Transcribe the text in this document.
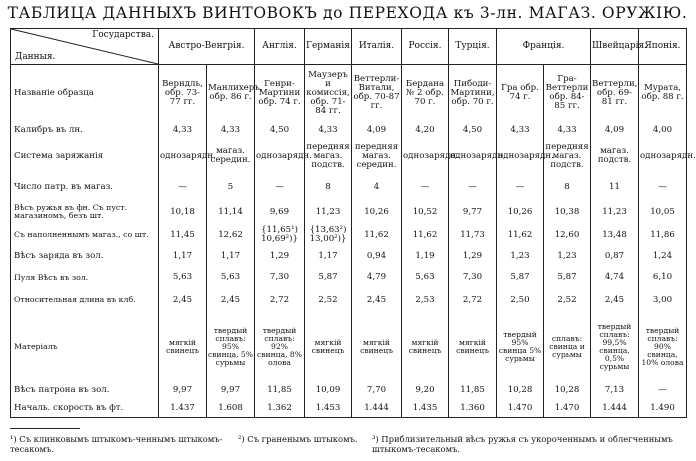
ТАБЛИЦА ДАННЫХЪ ВИНТОВОКЪ до ПЕРЕХОДА къ 3-лн. МАГАЗ. ОРУЖІЮ.
Государства.
Данныя.	Австро-Венгрія.		Англія.	Германія.	Италія.	Россія.	Турція.	Франція.		Швейцарія.	Японія.
Названіе образца	Верндль, обр. 73-77 гг.	Манлихеръ, обр. 86 г.	Генри-Мартини обр. 74 г.	Маузеръ и комиссія, обр. 71-84 гг.	Веттерли-Витали, обр. 70-87 гг.	Бердана № 2 обр. 70 г.	Пибоди-Мартини, обр. 70 г.	Гра обр. 74 г.	Гра-Веттерли обр. 84-85 гг.	Веттерли, обр. 69-81 гг.	Мурата, обр. 88 г.
Калибръ въ лн.	4,33	4,33	4,50	4,33	4,09	4,20	4,50	4,33	4,33	4,09	4,00
Система заряжанія	однозарядн.	магаз. середин.	однозарядн.	передняя магаз. подств.	передняя магаз. середин.	однозарядн.	однозарядн.	однозарядн.	передняя магаз. подств.	магаз. подств.	однозарядн.
Число патр. въ магаз.	—	5	—	8	4	—	—	—	8	11	—
Вѣсъ ружья въ фн. Съ пуст. магазиномъ, безъ шт.	10,18	11,14	9,69	11,23	10,26	10,52	9,77	10,26	10,38	11,23	10,05
Съ наполненнымъ магаз., со шт.	11,45	12,62	{11,65¹) 10,69²)}	{13,63²) 13,00²)}	11,62	11,62	11,73	11,62	12,60	13,48	11,86
Вѣсъ заряда въ зол.	1,17	1,17	1,29	1,17	0,94	1,19	1,29	1,23	1,23	0,87	1,24
Пуля Вѣсъ въ зол.	5,63	5,63	7,30	5,87	4,79	5,63	7,30	5,87	5,87	4,74	6,10
Относительная длина въ клб.	2,45	2,45	2,72	2,52	2,45	2,53	2,72	2,50	2,52	2,45	3,00
Матеріалъ	мягкій свинецъ	твердый сплавъ: 95% свинца, 5% сурьмы	твердый сплавъ: 92% свинца, 8% олова	мягкій свинецъ	мягкій свинецъ	мягкій свинецъ	мягкій свинецъ	твердый 95% свинца 5% сурьмы	сплавъ: свинца и сурьмы	твердый сплавъ: 99,5% свинца, 0,5% сурьмы	твердый сплавъ: 90% свинца, 10% олова
Вѣсъ патрона въ зол.	9,97	9,97	11,85	10,09	7,70	9,20	11,85	10,28	10,28	7,13	—
Началь. скорость въ фт.	1.437	1.608	1.362	1.453	1.444	1.435	1.360	1.470	1.470	1.444	1.490
¹) Съ клинковымъ штыкомъ-ченнымъ штыкомъ-тесакомъ.
²) Съ граненымъ штыкомъ. ³) Приблизительный вѣсъ ружья съ укороченнымъ и облегченнымъ штыкомъ-тесакомъ.
